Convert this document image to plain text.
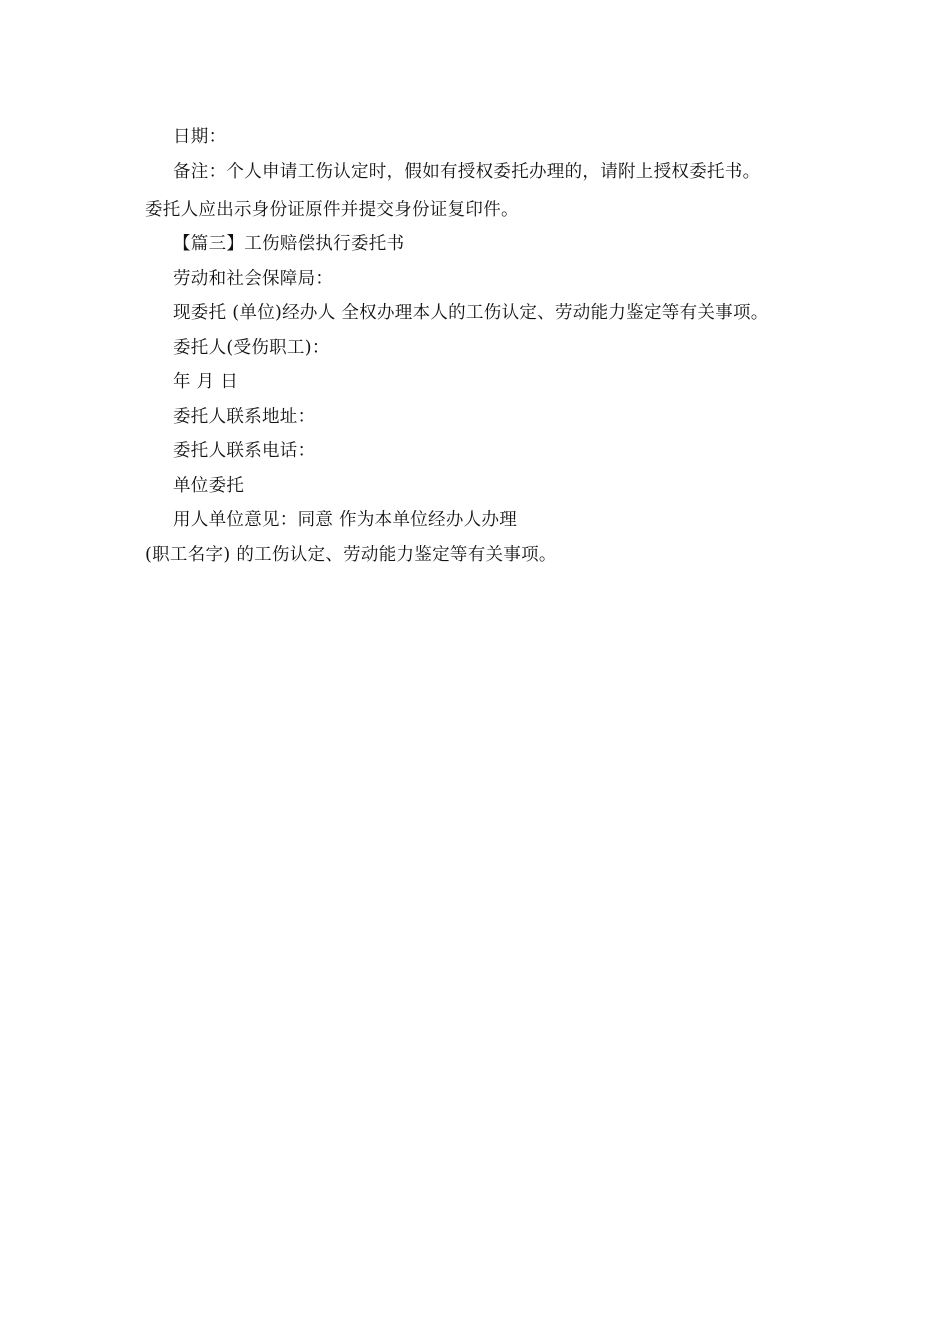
日期：
备注：个人申请工伤认定时，假如有授权委托办理的，请附上授权委托书。
委托人应出示身份证原件并提交身份证复印件。
【篇三】工伤赔偿执行委托书
劳动和社会保障局：
现委托 (单位)经办人 全权办理本人的工伤认定、劳动能力鉴定等有关事项。
委托人(受伤职工)：
年 月 日
委托人联系地址：
委托人联系电话：
单位委托
用人单位意见：同意 作为本单位经办人办理
(职工名字) 的工伤认定、劳动能力鉴定等有关事项。
